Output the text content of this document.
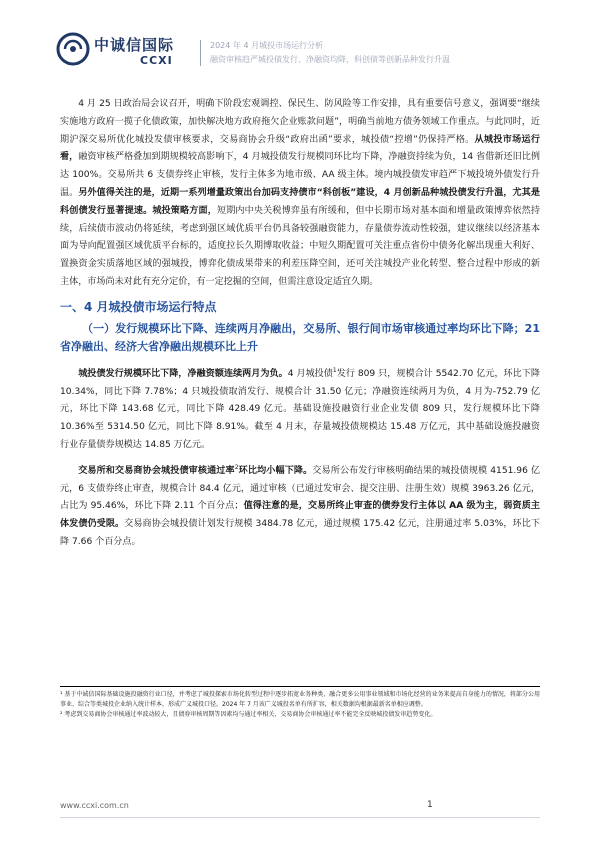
中诚信国际
CCXI
2024 年 4 月城投市场运行分析
融资审核趋严城投债发行、净融资均降，科创债等创新品种发行升温

4 月 25 日政治局会议召开，明确下阶段宏观调控、保民生、防风险等工作安排，具有重要信号意义，强调要“继续实施地方政府一揽子化债政策，加快解决地方政府拖欠企业账款问题”，明确当前地方债务领域工作重点。与此同时，近期沪深交易所优化城投发债审核要求，交易商协会升级“政府出函”要求，城投债“控增”仍保持严格。从城投市场运行看，融资审核严格叠加到期规模较高影响下，4 月城投债发行规模同环比均下降，净融资持续为负，14 省借新还旧比例达 100%。交易所共 6 支债券终止审核，发行主体多为地市级、AA 级主体。境内城投债发审趋严下城投境外债发行升温。另外值得关注的是，近期一系列增量政策出台加码支持债市“科创板”建设，4 月创新品种城投债发行升温，尤其是科创债发行显著提速。城投策略方面，短期内中央关税博弈虽有所缓和，但中长期市场对基本面和增量政策博弈依然持续，后续债市波动仍将延续，考虑到强区域优质平台仍具备较强融资能力，存量债券流动性较强，建议继续以经济基本面为导向配置强区域优质平台标的，适度拉长久期博取收益；中短久期配置可关注重点省份中债务化解出现重大利好、置换资金实质落地区域的强城投，博弈化债成果带来的利差压降空间，还可关注城投产业化转型、整合过程中形成的新主体，市场尚未对此有充分定价，有一定挖掘的空间，但需注意设定适宜久期。

一、4 月城投债市场运行特点
（一）发行规模环比下降、连续两月净融出，交易所、银行间市场审核通过率均环比下降；21 省净融出、经济大省净融出规模环比上升

城投债发行规模环比下降，净融资额连续两月为负。4 月城投债$^1$发行 809 只，规模合计 5542.70 亿元，环比下降 10.34%，同比下降 7.78%；4 只城投债取消发行、规模合计 31.50 亿元；净融资连续两月为负，4 月为-752.79 亿元，环比下降 143.68 亿元，同比下降 428.49 亿元。基础设施投融资行业企业发债 809 只，发行规模环比下降 10.36%至 5314.50 亿元，同比下降 8.91%。截至 4 月末，存量城投债规模达 15.48 万亿元，其中基础设施投融资行业存量债券规模达 14.85 万亿元。

交易所和交易商协会城投债审核通过率$^2$环比均小幅下降。交易所公布发行审核明确结果的城投债规模 4151.96 亿元，6 支债券终止审查，规模合计 84.4 亿元，通过审核（已通过发审会、提交注册、注册生效）规模 3963.26 亿元，占比为 95.46%，环比下降 2.11 个百分点；值得注意的是，交易所终止审查的债券发行主体以 AA 级为主，弱资质主体发债仍受限。交易商协会城投债计划发行规模 3484.78 亿元，通过规模 175.42 亿元，注册通过率 5.03%，环比下降 7.66 个百分点。

¹ 基于中诚信国际基础设施投融资行业口径，并考虑了城投探索市场化转型过程中逐步拓宽业务种类、融合更多公用事业领域和市场化经营的业务来提高自身能力的情况，将部分公用事业、综合等类城投企业纳入统计样本，形成广义城投口径。2024 年 7 月该广义城投名单有所扩容，相关数据均根据最新名单相应调整。

² 考虑到交易商协会审核通过率波动较大，且债券审核周期等因素均与通过率相关，交易商协会审核通过率不能完全反映城投债发审趋势变化。

www.ccxi.com.cn	1
